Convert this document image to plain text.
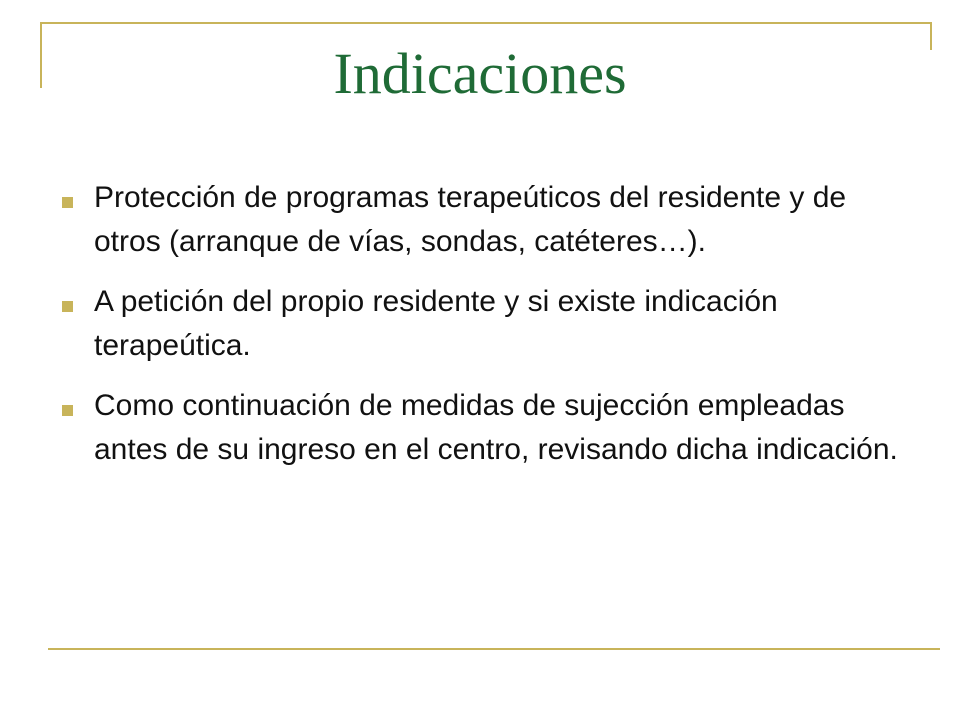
Indicaciones
Protección de programas terapeúticos del residente y de otros (arranque de vías, sondas, catéteres…).
A petición del propio residente y si existe indicación terapeútica.
Como continuación de medidas de sujección empleadas antes de su ingreso en el centro, revisando dicha indicación.
